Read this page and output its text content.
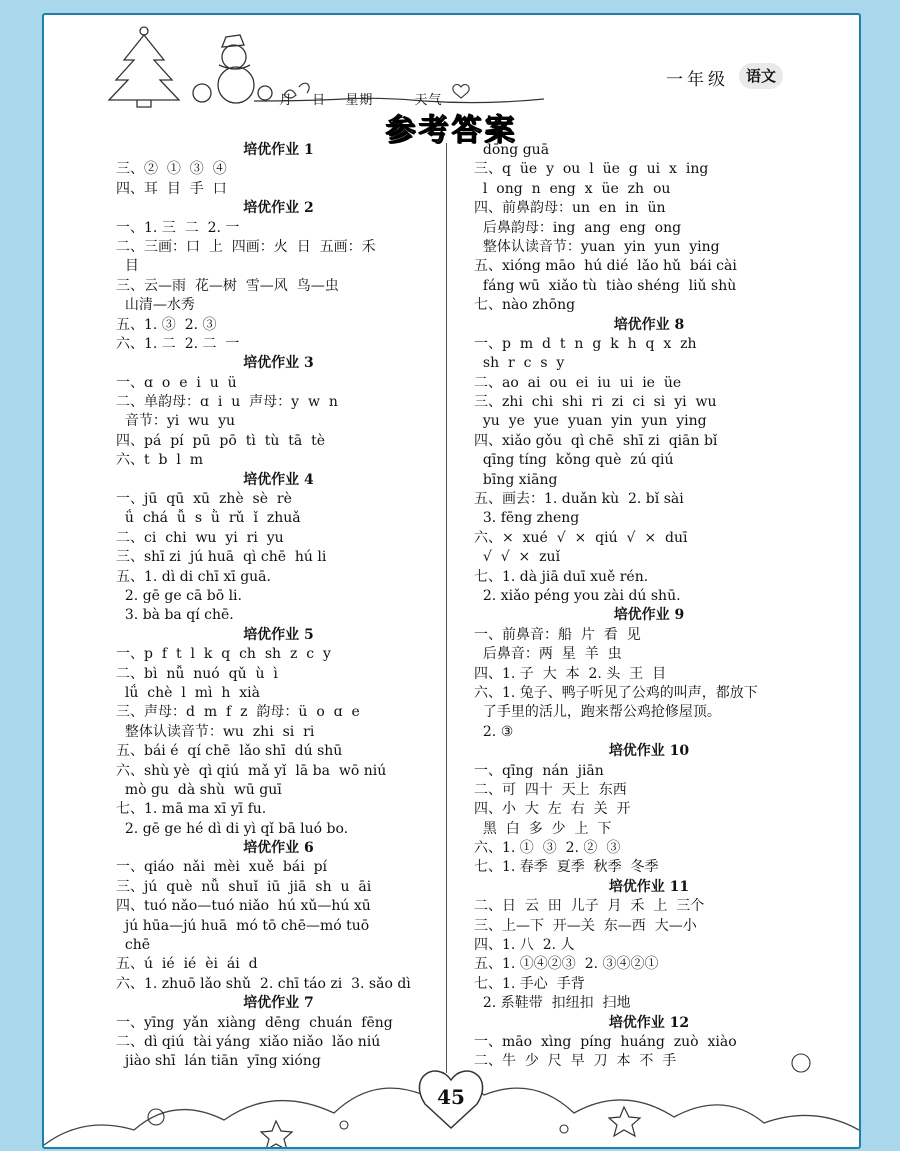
月 日 星期	天气
一年级	语文
参考答案
培优作业 1
三、②  ①  ③  ④
四、耳  目  手  口
培优作业 2
一、1. 三  二  2. 一
二、三画：口  上  四画：火  日  五画：禾
目
三、云—雨  花—树  雪—风  鸟—虫
山清—水秀
五、1. ③  2. ③
六、1. 二  2. 二  一
培优作业 3
一、ɑ  o  e  i  u  ü
二、单韵母：ɑ  i  u  声母：y  w  n
音节：yi  wu  yu
四、pá  pí  pū  pō  tì  tù  tā  tè
六、t  b  l  m
培优作业 4
一、jū  qū  xū  zhè  sè  rè
ǘ  chá  ǚ  s  ǜ  rǔ  ǐ  zhuǎ
二、ci  chi  wu  yi  ri  yu
三、shī zi  jú huā  qì chē  hú li
五、1. dì di chī xī guā.
2. gē ge cā bō li.
3. bà ba qí chē.
培优作业 5
一、p  f  t  l  k  q  ch  sh  z  c  y
二、bì  nǚ  nuó  qǔ  ù  ì
lǘ  chè  l  mì  h  xià
三、声母：d  m  f  z  韵母：ü  o  ɑ  e
整体认读音节：wu  zhi  si  ri
五、bái é  qí chē  lǎo shī  dú shū
六、shù yè  qì qiú  mǎ yǐ  lā ba  wō niú
mò gu  dà shù  wū guī
七、1. mā ma xī yī fu.
2. gē ge hé dì di yì qǐ bā luó bo.
培优作业 6
一、qiáo  nǎi  mèi  xuě  bái  pí
三、jú  què  nǚ  shuǐ  iū  jiā  sh  u  āi
四、tuó nǎo—tuó niǎo  hú xǔ—hú xū
jú hūa—jú huā  mó tō chē—mó tuō
chē
五、ú  ié  ié  èi  ái  d
六、1. zhuō lǎo shǔ  2. chī táo zi  3. sǎo dì
培优作业 7
一、yīng  yǎn  xiàng  dēng  chuán  fēng
二、dì qiú  tài yáng  xiǎo niǎo  lǎo niú
jiào shī  lán tiān  yīng xióng
dōng guā
三、q  üe  y  ou  l  üe  g  ui  x  ing
l  ong  n  eng  x  üe  zh  ou
四、前鼻韵母：un  en  in  ün
后鼻韵母：ing  ang  eng  ong
整体认读音节：yuan  yin  yun  ying
五、xióng māo  hú dié  lǎo hǔ  bái cài
fáng wū  xiǎo tù  tiào shéng  liǔ shù
七、nào zhōng
培优作业 8
一、p  m  d  t  n  g  k  h  q  x  zh
sh  r  c  s  y
二、ao  ai  ou  ei  iu  ui  ie  üe
三、zhi  chi  shi  ri  zi  ci  si  yi  wu
yu  ye  yue  yuan  yin  yun  ying
四、xiǎo gǒu  qì chē  shī zi  qiān bǐ
qīng tíng  kǒng què  zú qiú
bīng xiāng
五、画去：1. duǎn kù  2. bǐ sài
3. fēng zheng
六、×  xué  √  ×  qiú  √  ×  duī
√  √  ×  zuǐ
七、1. dà jiā duī xuě rén.
2. xiǎo péng you zài dú shū.
培优作业 9
一、前鼻音：船  片  看  见
后鼻音：两  星  羊  虫
四、1. 子  大  本  2. 头  王  目
六、1. 兔子、鸭子听见了公鸡的叫声，都放下
了手里的活儿，跑来帮公鸡抢修屋顶。
2. ③
培优作业 10
一、qīng  nán  jiān
二、可  四十  天上  东西
四、小  大  左  右  关  开
黑  白  多  少  上  下
六、1. ①  ③  2. ②  ③
七、1. 春季  夏季  秋季  冬季
培优作业 11
二、日  云  田  儿子  月  禾  上  三个
三、上—下  开—关  东—西  大—小
四、1. 八  2. 人
五、1. ①④②③  2. ③④②①
七、1. 手心  手背
2. 系鞋带  扣纽扣  扫地
培优作业 12
一、māo  xìng  píng  huáng  zuò  xiào
二、牛  少  尺  早  刀  本  不  手
45
